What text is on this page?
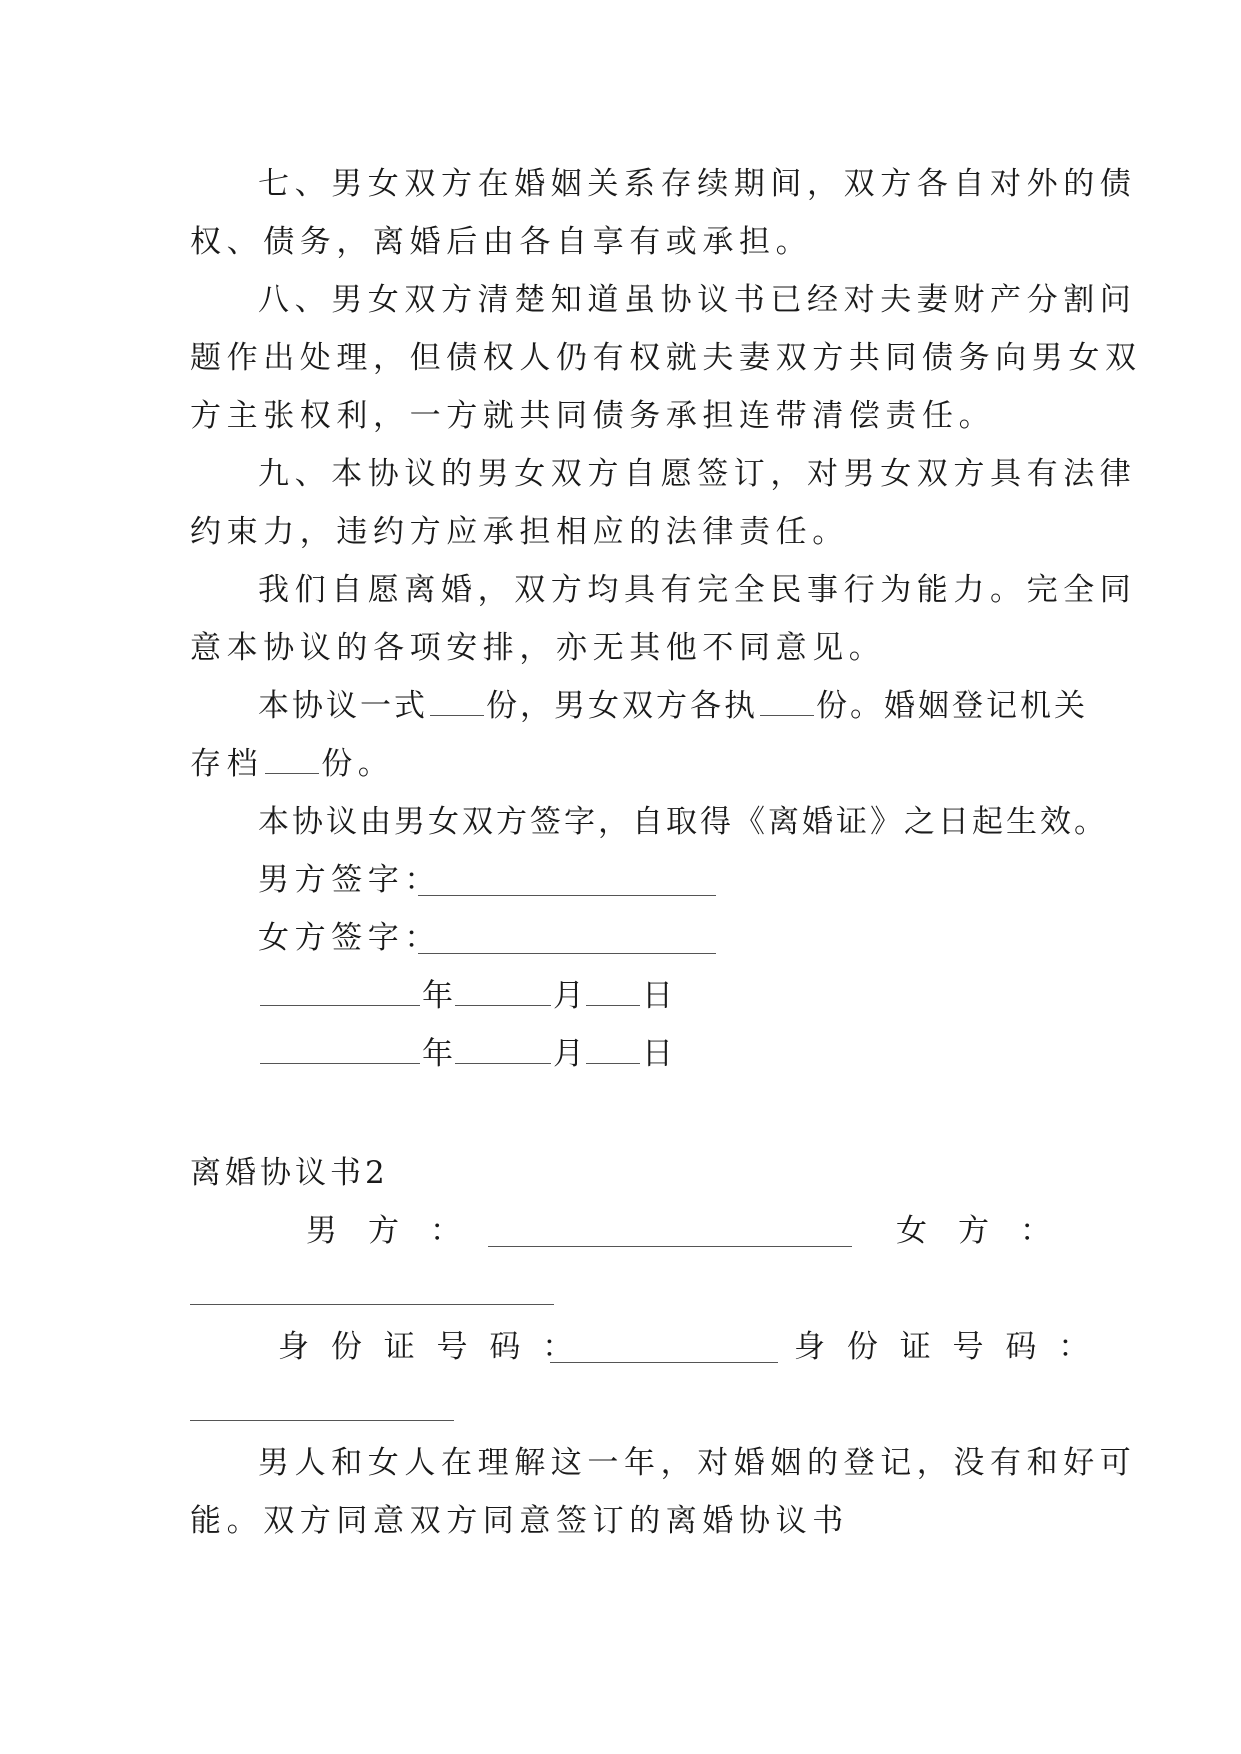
七、男女双方在婚姻关系存续期间，双方各自对外的债
权、债务，离婚后由各自享有或承担。
八、男女双方清楚知道虽协议书已经对夫妻财产分割问
题作出处理，但债权人仍有权就夫妻双方共同债务向男女双
方主张权利，一方就共同债务承担连带清偿责任。
九、本协议的男女双方自愿签订，对男女双方具有法律
约束力，违约方应承担相应的法律责任。
我们自愿离婚，双方均具有完全民事行为能力。完全同
意本协议的各项安排，亦无其他不同意见。
本协议一式 份，男女双方各执 份。婚姻登记机关
存档 份。
本协议由男女双方签字，自取得《离婚证》之日起生效。
男方签字：
女方签字：
年	月 日
年	月 日
离婚协议书2
男　方　：	女　方　：
身 份 证 号 码 ：	身 份 证 号 码 ：
男人和女人在理解这一年，对婚姻的登记，没有和好可
能。双方同意双方同意签订的离婚协议书
